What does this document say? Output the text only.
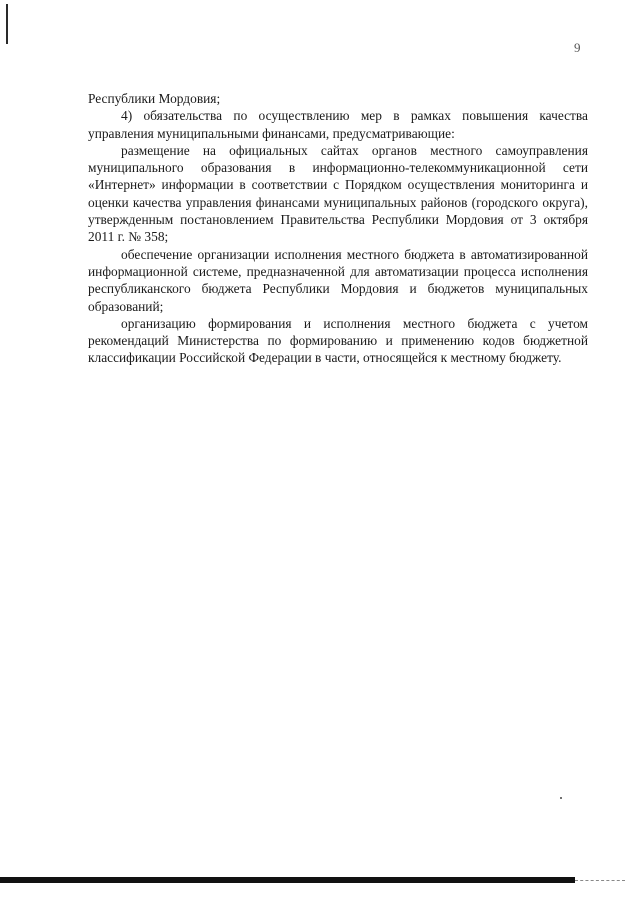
9

Республики Мордовия;

4) обязательства по осуществлению мер в рамках повышения качества управления муниципальными финансами, предусматривающие:

размещение на официальных сайтах органов местного самоуправления муниципального образования в информационно-телекоммуникационной сети «Интернет» информации в соответствии с Порядком осуществления мониторинга и оценки качества управления финансами муниципальных районов (городского округа), утвержденным постановлением Правительства Республики Мордовия от 3 октября 2011 г. № 358;

обеспечение организации исполнения местного бюджета в автоматизированной информационной системе, предназначенной для автоматизации процесса исполнения республиканского бюджета Республики Мордовия и бюджетов муниципальных образований;

организацию формирования и исполнения местного бюджета с учетом рекомендаций Министерства по формированию и применению кодов бюджетной классификации Российской Федерации в части, относящейся к местному бюджету.
